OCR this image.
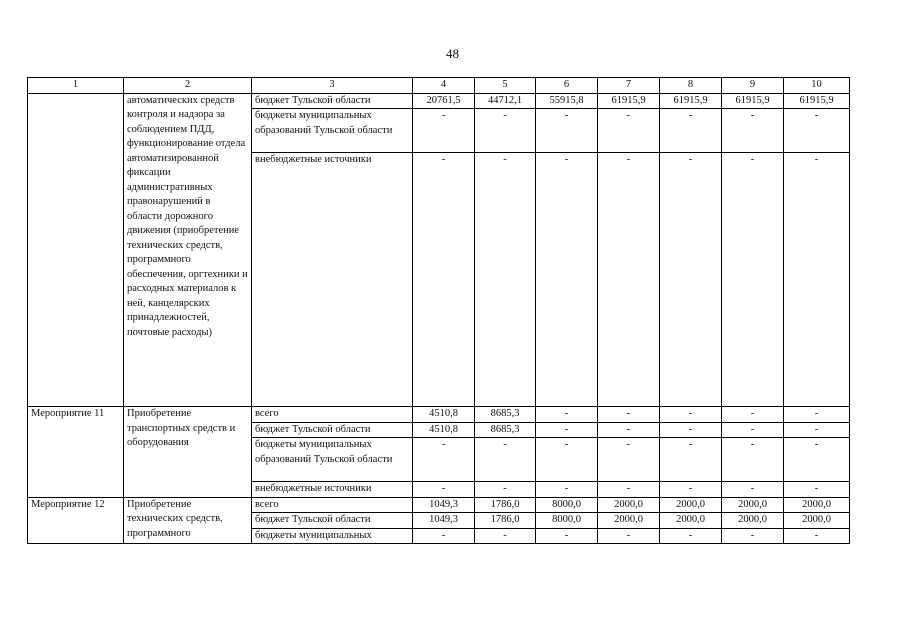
48
1	2	3	4	5	6	7	8	9	10
	автоматических средств контроля и надзора за соблюдением ПДД, функционирование отдела автоматизированной фиксации административных правонарушений в области дорожного движения (приобретение технических средств, программного обеспечения, оргтехники и расходных материалов к ней, канцелярских принадлежностей, почтовые расходы)	бюджет Тульской области	20761,5	44712,1	55915,8	61915,9	61915,9	61915,9	61915,9
		бюджеты муниципальных образований Тульской области	-	-	-	-	-	-	-
		внебюджетные источники	-	-	-	-	-	-	-
Мероприятие 11	Приобретение транспортных средств и оборудования	всего	4510,8	8685,3	-	-	-	-	-
		бюджет Тульской области	4510,8	8685,3	-	-	-	-	-
		бюджеты муниципальных образований Тульской области	-	-	-	-	-	-	-
		внебюджетные источники	-	-	-	-	-	-	-
Мероприятие 12	Приобретение технических средств, программного	всего	1049,3	1786,0	8000,0	2000,0	2000,0	2000,0	2000,0
		бюджет Тульской области	1049,3	1786,0	8000,0	2000,0	2000,0	2000,0	2000,0
		бюджеты муниципальных	-	-	-	-	-	-	-
